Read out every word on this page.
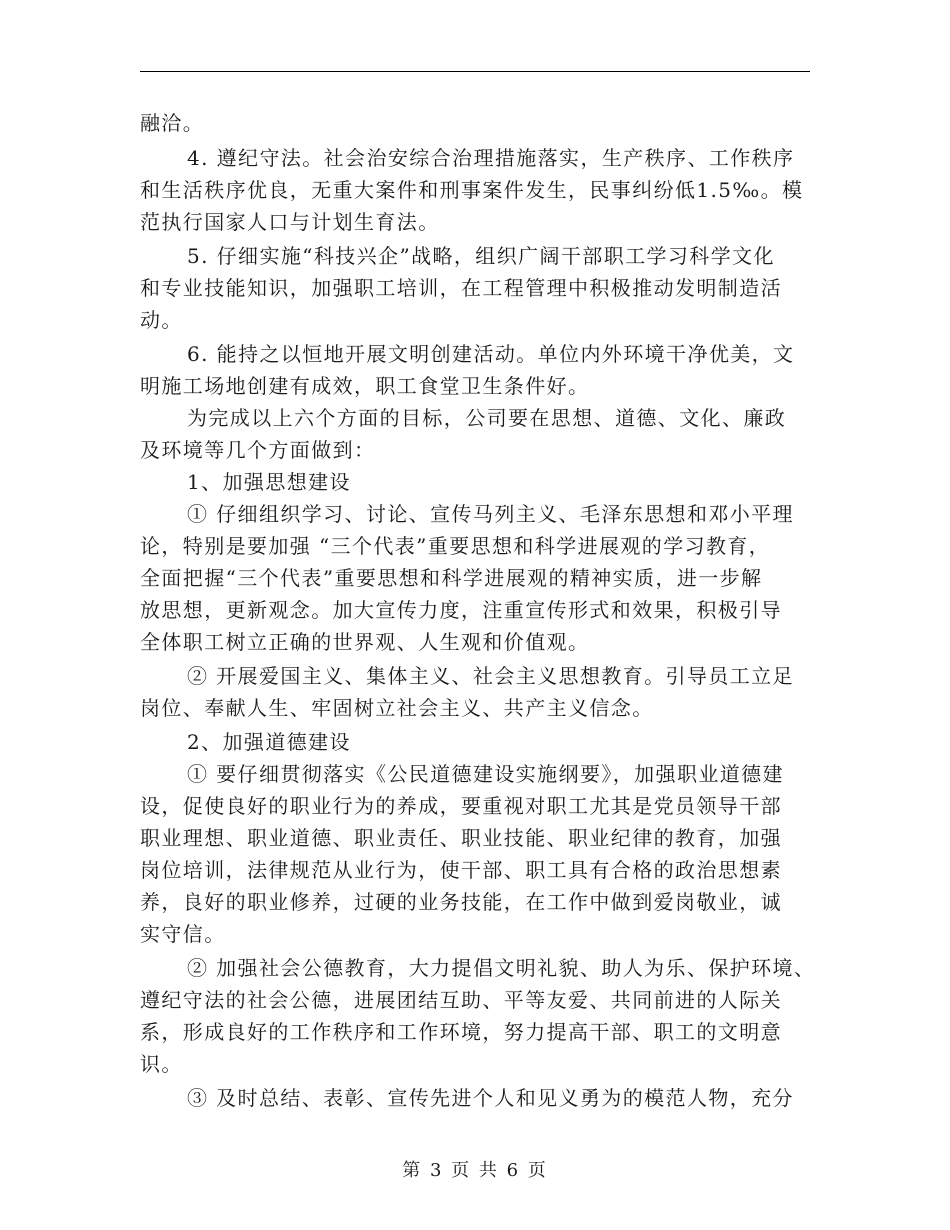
融洽。
4. 遵纪守法。社会治安综合治理措施落实，生产秩序、工作秩序
和生活秩序优良，无重大案件和刑事案件发生，民事纠纷低1.5‰。模
范执行国家人口与计划生育法。
5. 仔细实施“科技兴企”战略，组织广阔干部职工学习科学文化
和专业技能知识，加强职工培训，在工程管理中积极推动发明制造活
动。
6. 能持之以恒地开展文明创建活动。单位内外环境干净优美，文
明施工场地创建有成效，职工食堂卫生条件好。
为完成以上六个方面的目标，公司要在思想、道德、文化、廉政
及环境等几个方面做到：
1、加强思想建设
① 仔细组织学习、讨论、宣传马列主义、毛泽东思想和邓小平理
论，特别是要加强 “三个代表”重要思想和科学进展观的学习教育，
全面把握“三个代表”重要思想和科学进展观的精神实质，进一步解
放思想，更新观念。加大宣传力度，注重宣传形式和效果，积极引导
全体职工树立正确的世界观、人生观和价值观。
② 开展爱国主义、集体主义、社会主义思想教育。引导员工立足
岗位、奉献人生、牢固树立社会主义、共产主义信念。
2、加强道德建设
① 要仔细贯彻落实《公民道德建设实施纲要》，加强职业道德建
设，促使良好的职业行为的养成，要重视对职工尤其是党员领导干部
职业理想、职业道德、职业责任、职业技能、职业纪律的教育，加强
岗位培训，法律规范从业行为，使干部、职工具有合格的政治思想素
养，良好的职业修养，过硬的业务技能，在工作中做到爱岗敬业，诚
实守信。
② 加强社会公德教育，大力提倡文明礼貌、助人为乐、保护环境、
遵纪守法的社会公德，进展团结互助、平等友爱、共同前进的人际关
系，形成良好的工作秩序和工作环境，努力提高干部、职工的文明意
识。
③ 及时总结、表彰、宣传先进个人和见义勇为的模范人物，充分
第 3 页 共 6 页
